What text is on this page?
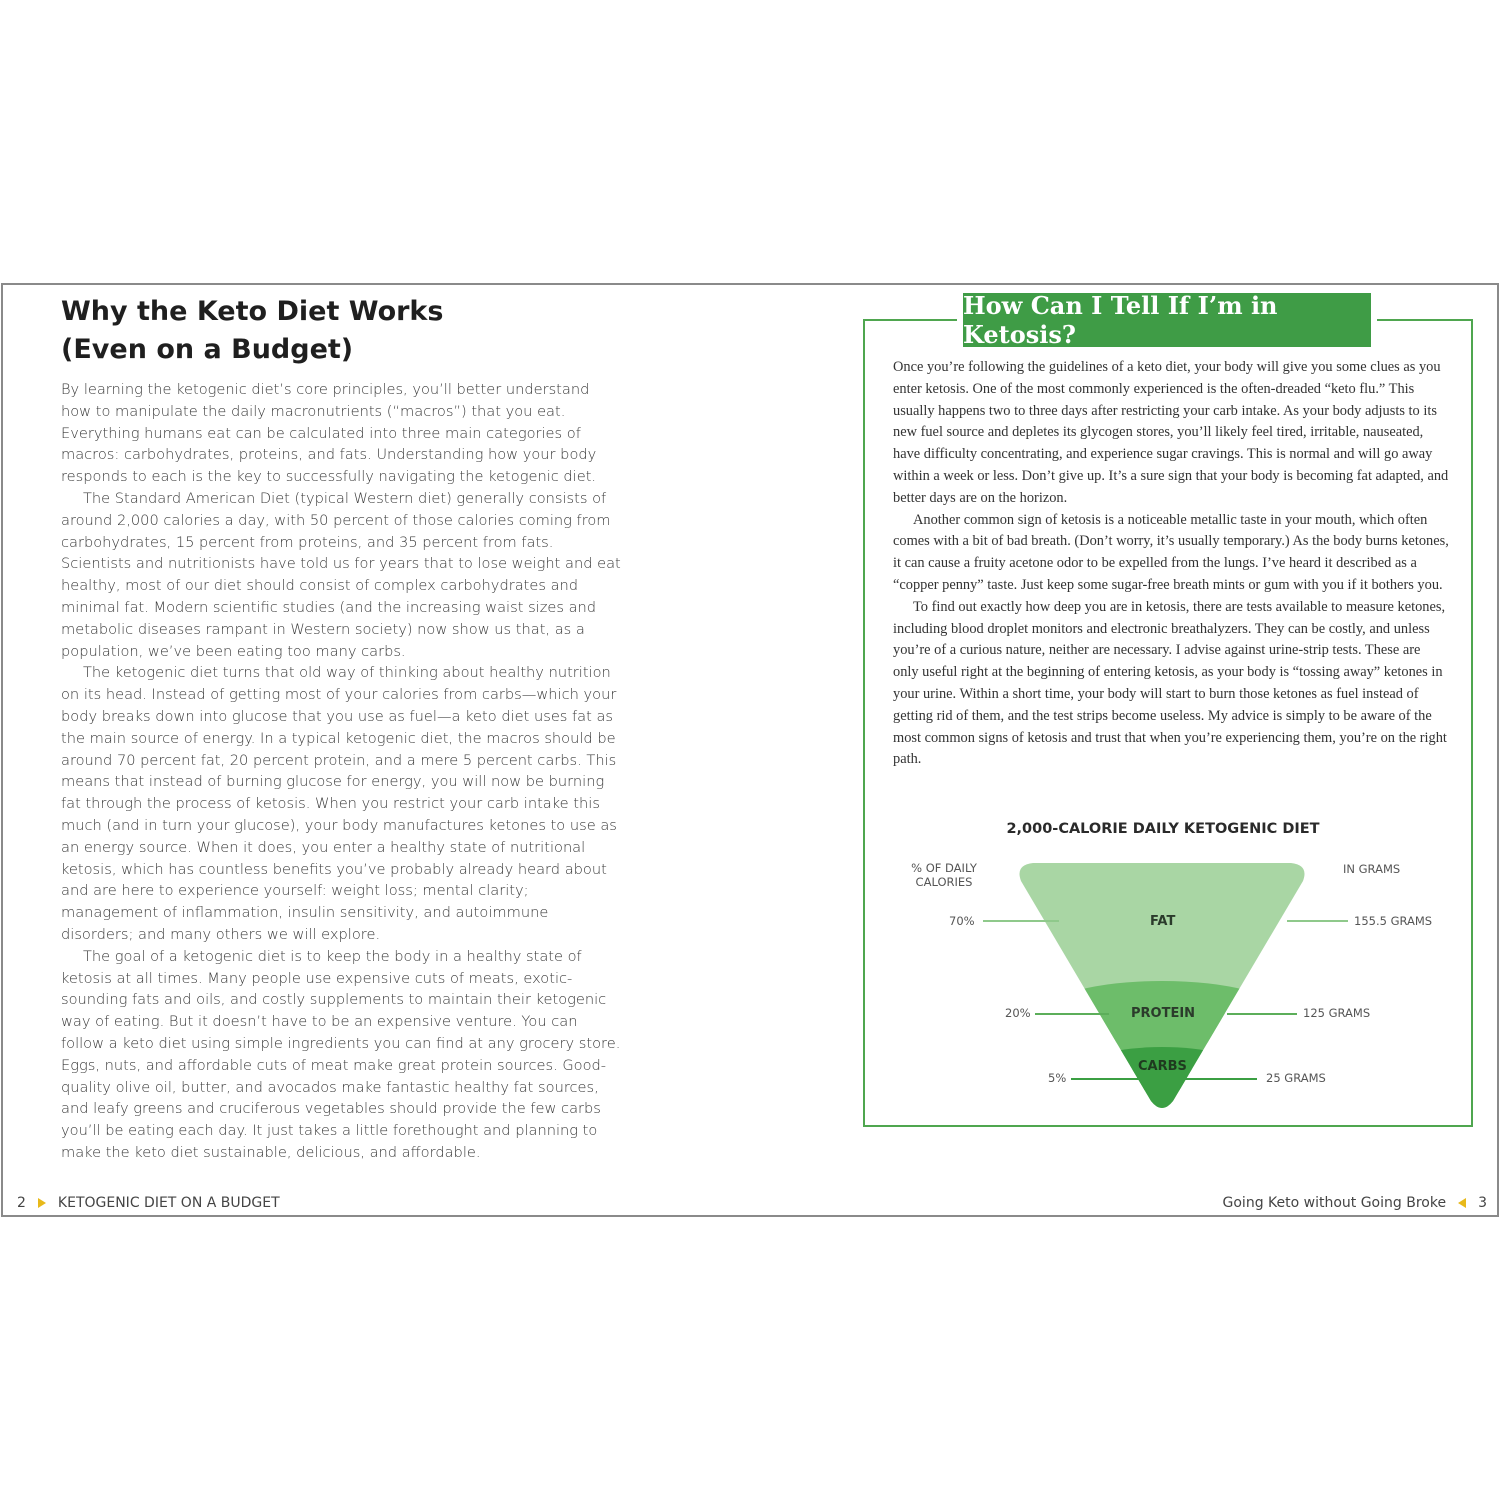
Why the Keto Diet Works
(Even on a Budget)

By learning the ketogenic diet’s core principles, you’ll better understand how to manipulate the daily macronutrients (“macros”) that you eat. Everything humans eat can be calculated into three main categories of macros: carbohydrates, proteins, and fats. Understanding how your body responds to each is the key to successfully navigating the ketogenic diet.

The Standard American Diet (typical Western diet) generally consists of around 2,000 calories a day, with 50 percent of those calories coming from carbohydrates, 15 percent from proteins, and 35 percent from fats. Scientists and nutritionists have told us for years that to lose weight and eat healthy, most of our diet should consist of complex carbohydrates and minimal fat. Modern scientific studies (and the increasing waist sizes and metabolic diseases rampant in Western society) now show us that, as a population, we’ve been eating too many carbs.

The ketogenic diet turns that old way of thinking about healthy nutrition on its head. Instead of getting most of your calories from carbs—which your body breaks down into glucose that you use as fuel—a keto diet uses fat as the main source of energy. In a typical ketogenic diet, the macros should be around 70 percent fat, 20 percent protein, and a mere 5 percent carbs. This means that instead of burning glucose for energy, you will now be burning fat through the process of ketosis. When you restrict your carb intake this much (and in turn your glucose), your body manufactures ketones to use as an energy source. When it does, you enter a healthy state of nutritional ketosis, which has countless benefits you’ve probably already heard about and are here to experience yourself: weight loss; mental clarity; management of inflammation, insulin sensitivity, and autoimmune disorders; and many others we will explore.

The goal of a ketogenic diet is to keep the body in a healthy state of ketosis at all times. Many people use expensive cuts of meats, exotic-sounding fats and oils, and costly supplements to maintain their ketogenic way of eating. But it doesn’t have to be an expensive venture. You can follow a keto diet using simple ingredients you can find at any grocery store. Eggs, nuts, and affordable cuts of meat make great protein sources. Good-quality olive oil, butter, and avocados make fantastic healthy fat sources, and leafy greens and cruciferous vegetables should provide the few carbs you’ll be eating each day. It just takes a little forethought and planning to make the keto diet sustainable, delicious, and affordable.

2 KETOGENIC DIET ON A BUDGET
How Can I Tell If I’m in Ketosis?

Once you’re following the guidelines of a keto diet, your body will give you some clues as you enter ketosis. One of the most commonly experienced is the often-dreaded “keto flu.” This usually happens two to three days after restricting your carb intake. As your body adjusts to its new fuel source and depletes its glycogen stores, you’ll likely feel tired, irritable, nauseated, have difficulty concentrating, and experience sugar cravings. This is normal and will go away within a week or less. Don’t give up. It’s a sure sign that your body is becoming fat adapted, and better days are on the horizon.

Another common sign of ketosis is a noticeable metallic taste in your mouth, which often comes with a bit of bad breath. (Don’t worry, it’s usually temporary.) As the body burns ketones, it can cause a fruity acetone odor to be expelled from the lungs. I’ve heard it described as a “copper penny” taste. Just keep some sugar-free breath mints or gum with you if it bothers you.

To find out exactly how deep you are in ketosis, there are tests available to measure ketones, including blood droplet monitors and electronic breathalyzers. They can be costly, and unless you’re of a curious nature, neither are necessary. I advise against urine-strip tests. These are only useful right at the beginning of entering ketosis, as your body is “tossing away” ketones in your urine. Within a short time, your body will start to burn those ketones as fuel instead of getting rid of them, and the test strips become useless. My advice is simply to be aware of the most common signs of ketosis and trust that when you’re experiencing them, you’re on the right path.

2,000-CALORIE DAILY KETOGENIC DIET
% OF DAILY
CALORIES
IN GRAMS
FAT
70%	155.5 GRAMS
PROTEIN
20%	125 GRAMS
CARBS
5%	25 GRAMS
Going Keto without Going Broke 3
